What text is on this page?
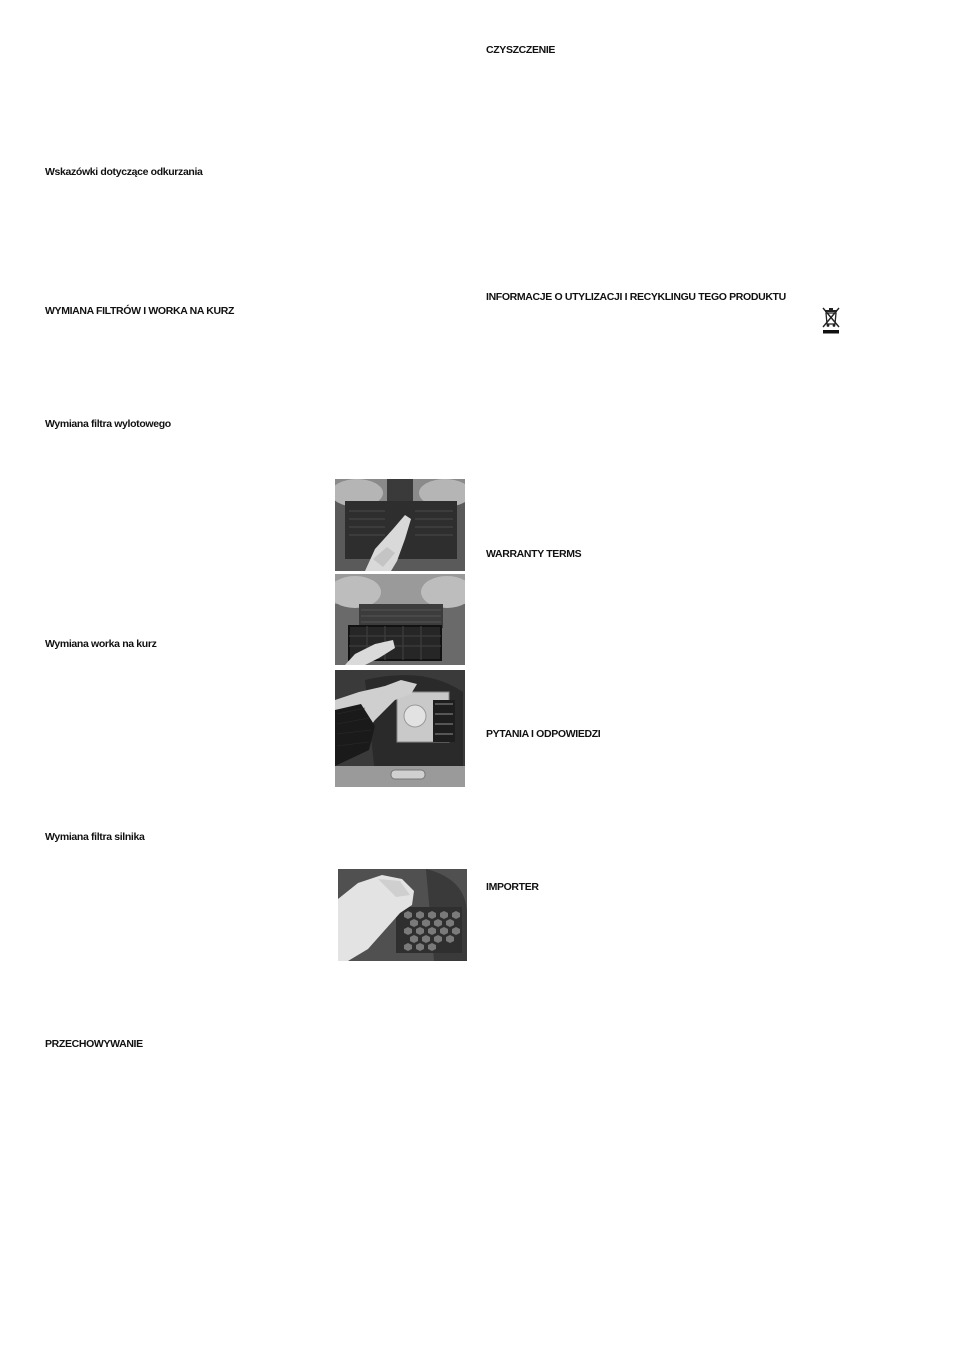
Wskazówki dotyczące odkurzania
WYMIANA FILTRÓW I WORKA NA KURZ
Wymiana filtra wylotowego
Wymiana worka na kurz
Wymiana filtra silnika
PRZECHOWYWANIE
CZYSZCZENIE
INFORMACJE O UTYLIZACJI I RECYKLINGU TEGO PRODUKTU
WARRANTY TERMS
PYTANIA I ODPOWIEDZI
IMPORTER
